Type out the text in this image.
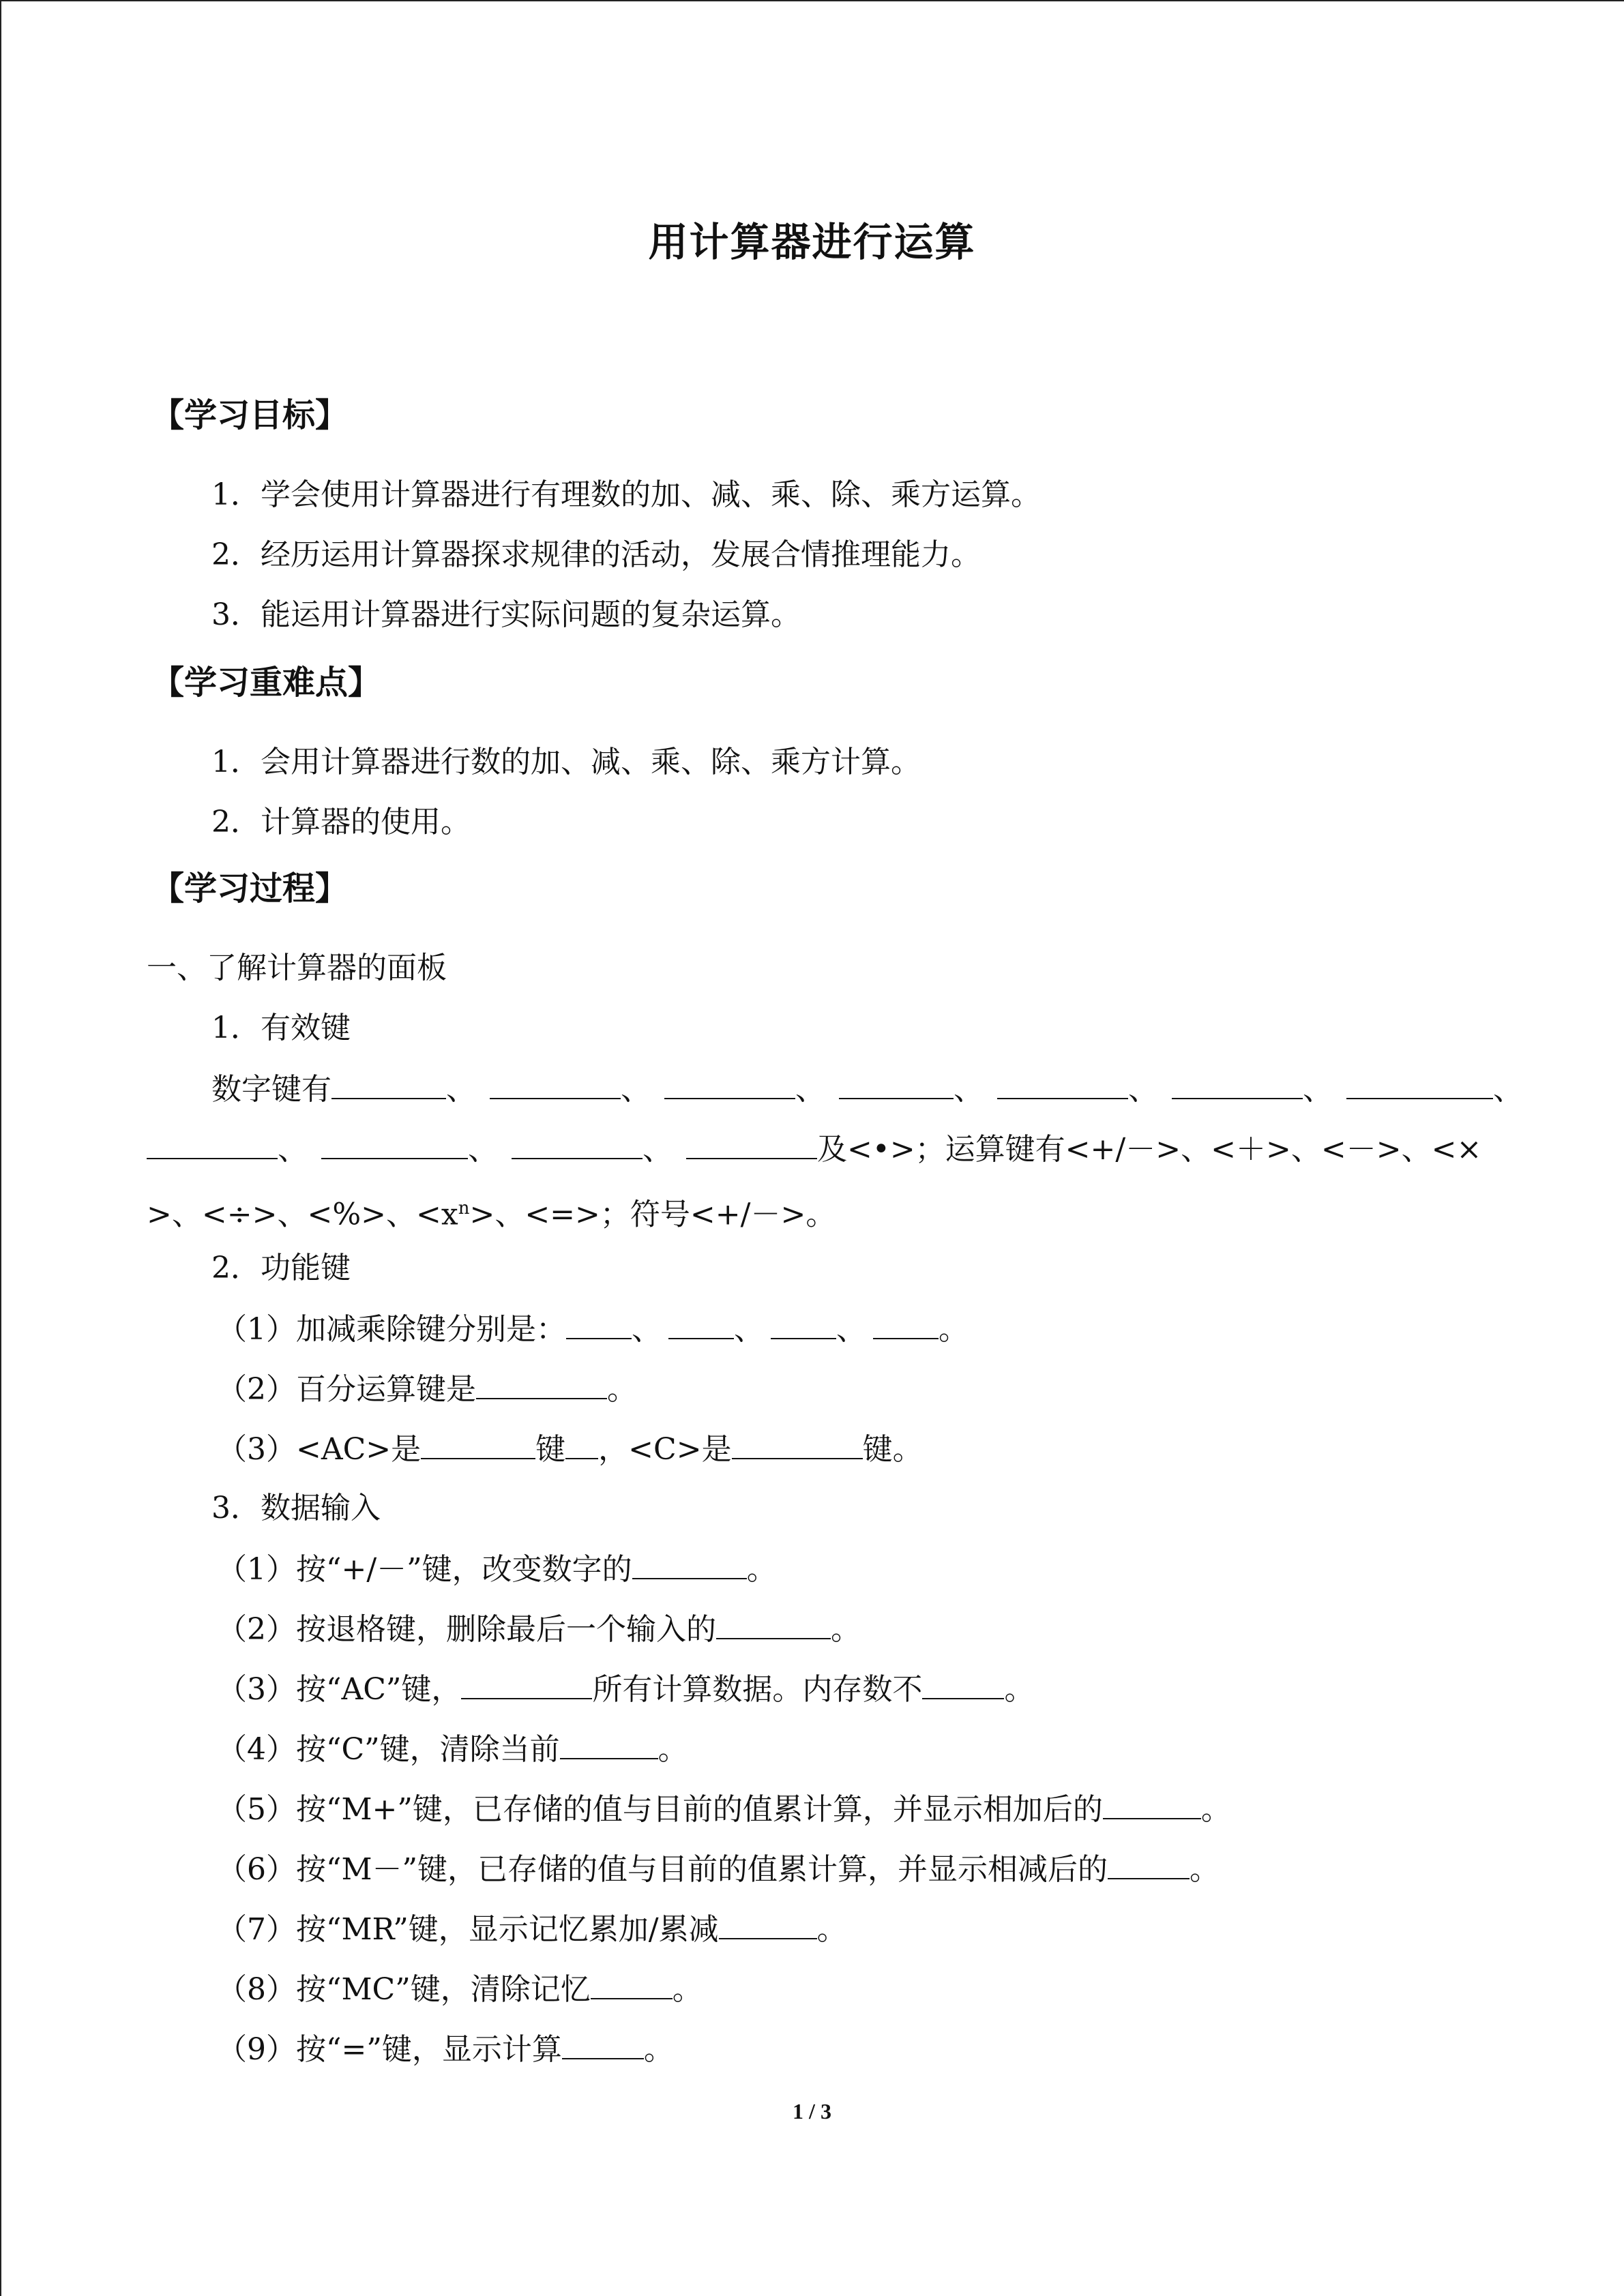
用计算器进行运算
【学习目标】
1．学会使用计算器进行有理数的加、减、乘、除、乘方运算。
2．经历运用计算器探求规律的活动，发展合情推理能力。
3．能运用计算器进行实际问题的复杂运算。
【学习重难点】
1．会用计算器进行数的加、减、乘、除、乘方计算。
2．计算器的使用。
【学习过程】
一、了解计算器的面板
1．有效键
数字键有	、	、	、	、	、	、	、
、	、	、	及<•>；运算键有<+/－>、<＋>、<－>、<×
>、<÷>、<%>、$<x^n>$、<=>；符号<+/－>。
2．功能键
（1）加减乘除键分别是： 、 、 、 。
（2）百分运算键是	。
（3）<AC>是	键 ，<C>是	键。
3．数据输入
（1）按“+/－”键，改变数字的	。
（2）按退格键，删除最后一个输入的	。
（3）按“AC”键，	所有计算数据。内存数不	。
（4）按“C”键，清除当前	。
（5）按“M+”键，已存储的值与目前的值累计算，并显示相加后的	。
（6）按“M－”键，已存储的值与目前的值累计算，并显示相减后的	。
（7）按“MR”键，显示记忆累加/累减	。
（8）按“MC”键，清除记忆	。
（9）按“=”键，显示计算	。
1 / 3
